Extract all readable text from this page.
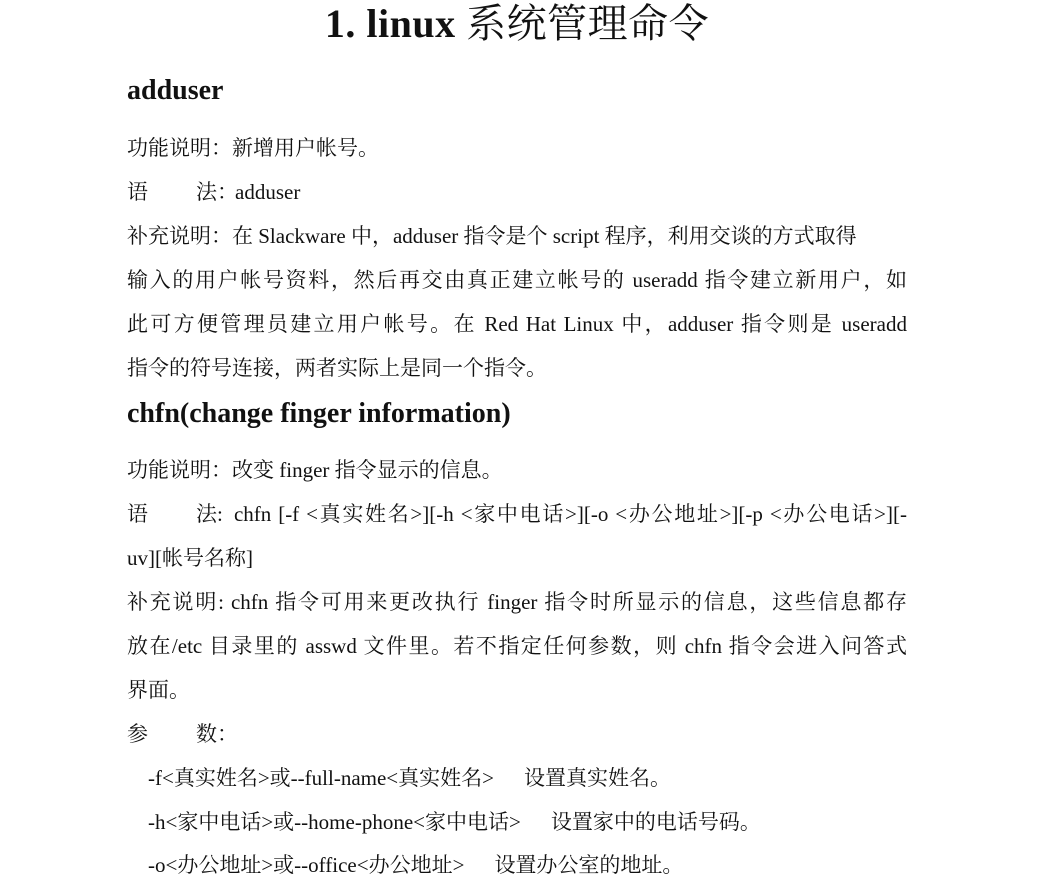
1. linux 系统管理命令
adduser

功能说明：新增用户帐号。

语 法：
adduser

补充说明：在 Slackware 中，adduser 指令是个 script 程序，利用交谈的方式取得

输入的用户帐号资料，然后再交由真正建立帐号的 useradd 指令建立新用户，如

此可方便管理员建立用户帐号。在 Red Hat Linux 中，adduser 指令则是 useradd

指令的符号连接，两者实际上是同一个指令。

chfn(change finger information)

功能说明：改变 finger 指令显示的信息。

语 法: chfn [-f <真实姓名>][-h <家中电话>][-o <办公地址>][-p <办公电话>][-

uv][帐号名称]

补充说明: chfn 指令可用来更改执行 finger 指令时所显示的信息，这些信息都存

放在/etc 目录里的 asswd 文件里。若不指定任何参数，则 chfn 指令会进入问答式

界面。

参 数：

-f<真实姓名>或--full-name<真实姓名> 设置真实姓名。
-h<家中电话>或--home-phone<家中电话> 设置家中的电话号码。
-o<办公地址>或--office<办公地址> 设置办公室的地址。
